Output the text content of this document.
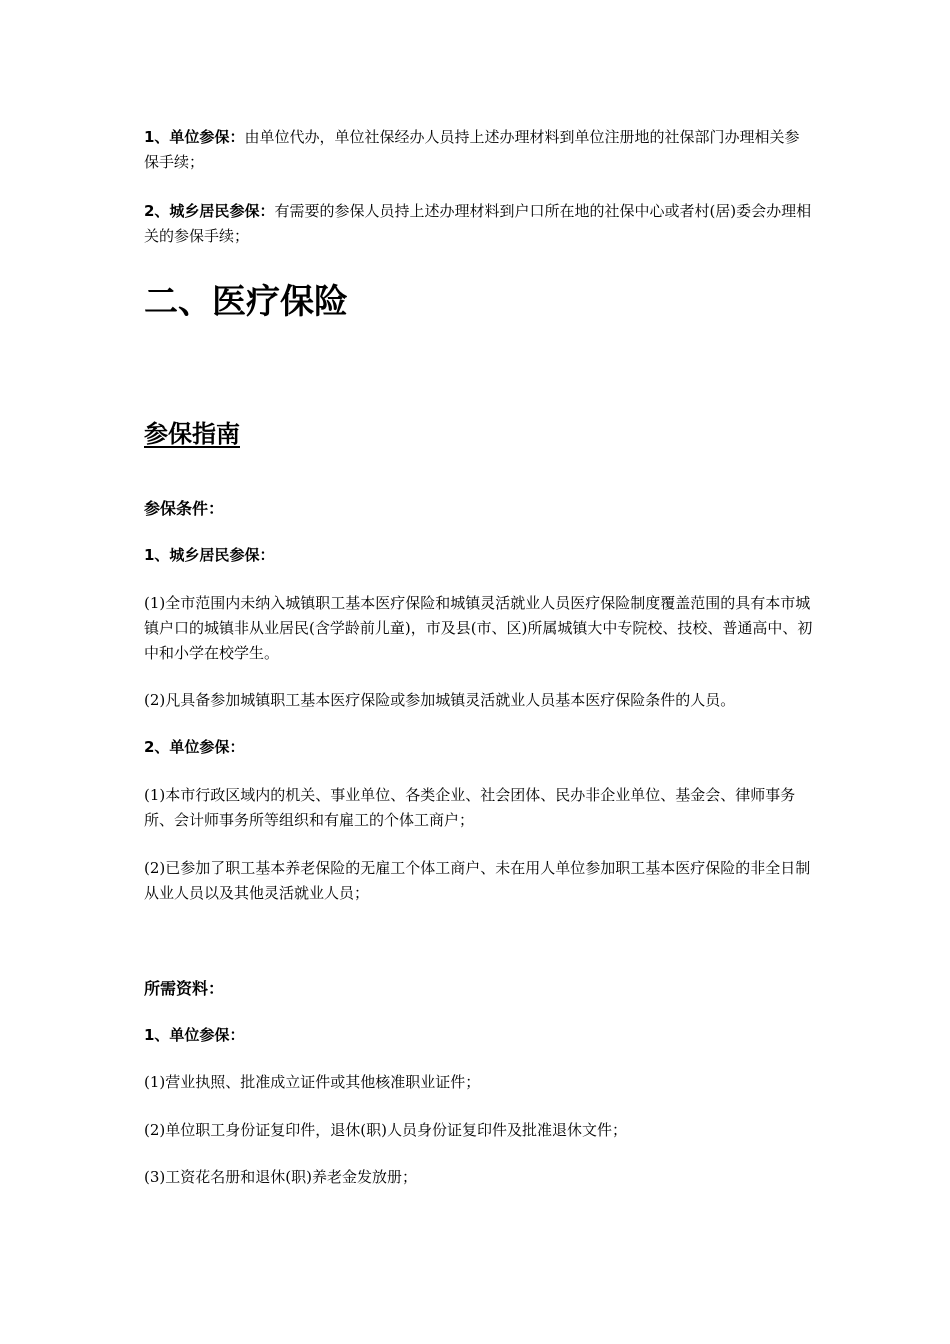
1、单位参保：由单位代办，单位社保经办人员持上述办理材料到单位注册地的社保部门办理相关参保手续；

2、城乡居民参保：有需要的参保人员持上述办理材料到户口所在地的社保中心或者村(居)委会办理相关的参保手续；

二、医疗保险
参保指南
参保条件：

1、城乡居民参保：

(1)全市范围内未纳入城镇职工基本医疗保险和城镇灵活就业人员医疗保险制度覆盖范围的具有本市城镇户口的城镇非从业居民(含学龄前儿童)，市及县(市、区)所属城镇大中专院校、技校、普通高中、初中和小学在校学生。

(2)凡具备参加城镇职工基本医疗保险或参加城镇灵活就业人员基本医疗保险条件的人员。

2、单位参保：

(1)本市行政区域内的机关、事业单位、各类企业、社会团体、民办非企业单位、基金会、律师事务所、会计师事务所等组织和有雇工的个体工商户；

(2)已参加了职工基本养老保险的无雇工个体工商户、未在用人单位参加职工基本医疗保险的非全日制从业人员以及其他灵活就业人员；

所需资料：

1、单位参保：

(1)营业执照、批准成立证件或其他核准职业证件；

(2)单位职工身份证复印件，退休(职)人员身份证复印件及批准退休文件；

(3)工资花名册和退休(职)养老金发放册；
